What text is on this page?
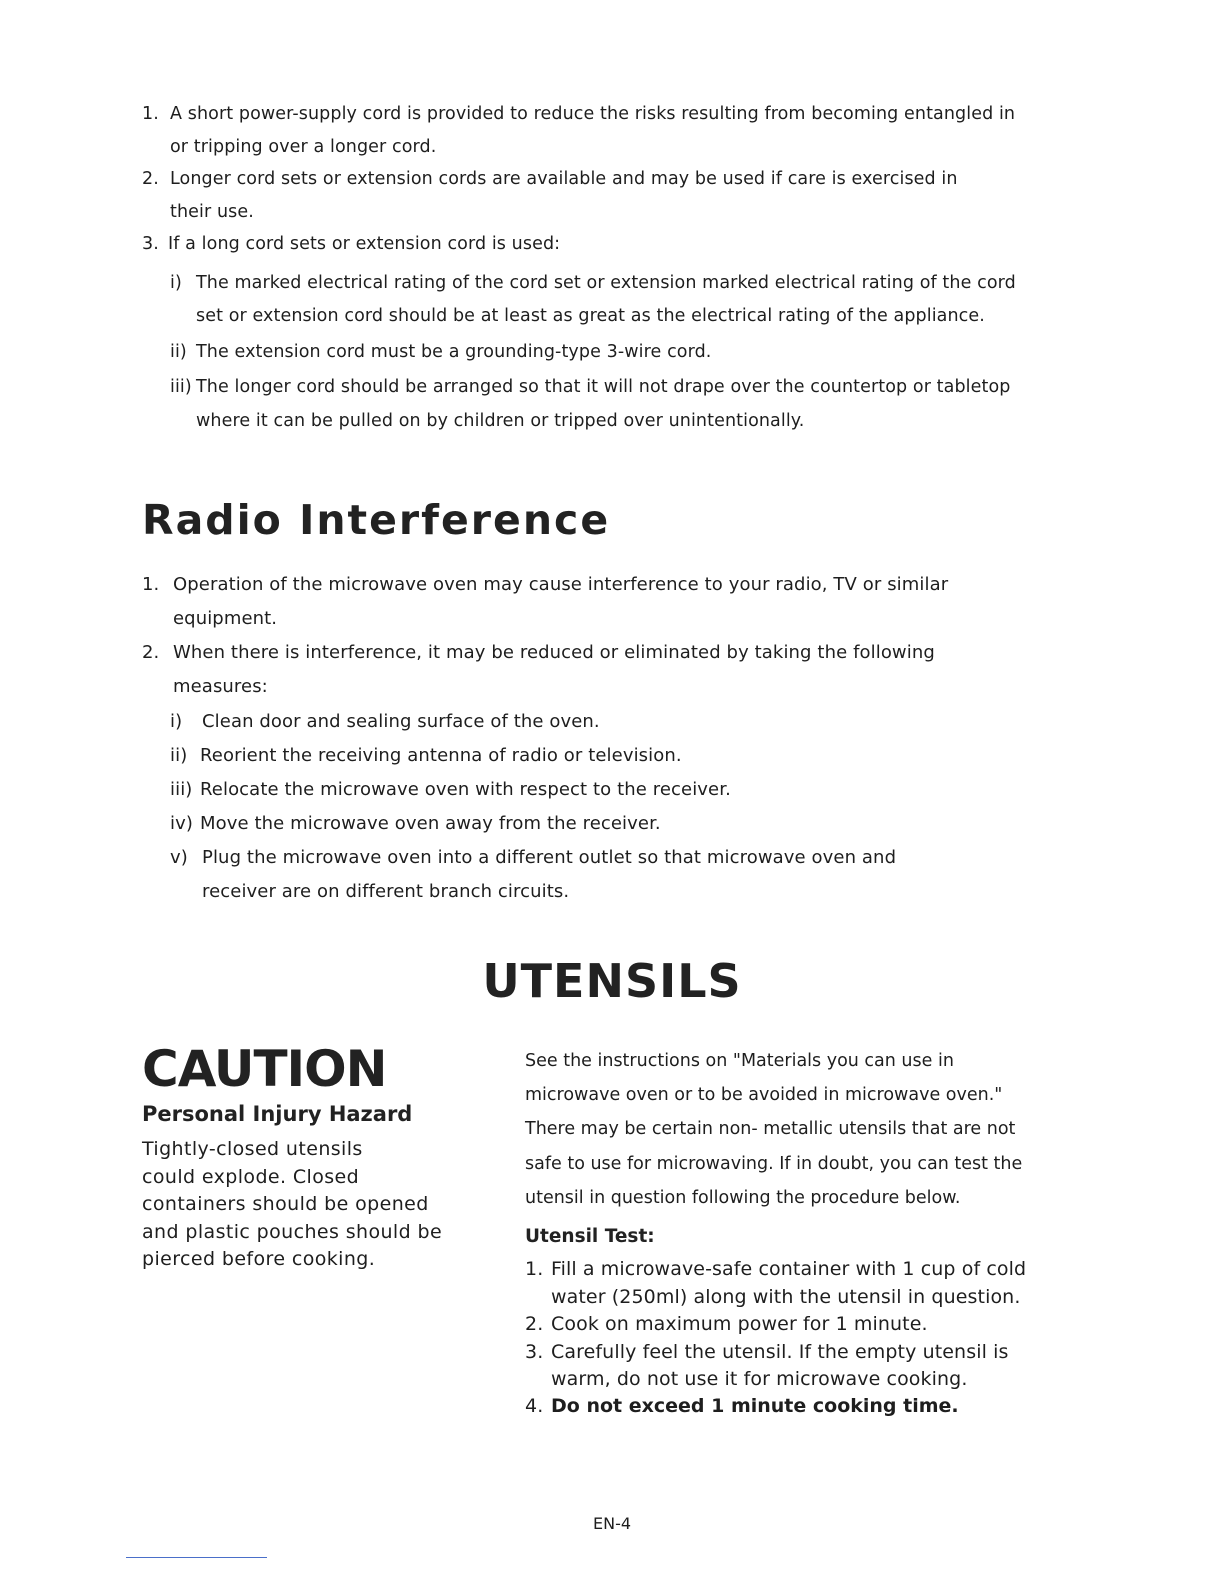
1. A short power-supply cord is provided to reduce the risks resulting from becoming entangled in
or tripping over a longer cord.
2. Longer cord sets or extension cords are available and may be used if care is exercised in
their use.
3. If a long cord sets or extension cord is used:
i) The marked electrical rating of the cord set or extension marked electrical rating of the cord
set or extension cord should be at least as great as the electrical rating of the appliance.
ii) The extension cord must be a grounding-type 3-wire cord.
iii) The longer cord should be arranged so that it will not drape over the countertop or tabletop
where it can be pulled on by children or tripped over unintentionally.
Radio Interference
1. Operation of the microwave oven may cause interference to your radio, TV or similar
equipment.
2. When there is interference, it may be reduced or eliminated by taking the following
measures:
i) Clean door and sealing surface of the oven.
ii) Reorient the receiving antenna of radio or television.
iii) Relocate the microwave oven with respect to the receiver.
iv) Move the microwave oven away from the receiver.
v) Plug the microwave oven into a different outlet so that microwave oven and
receiver are on different branch circuits.
UTENSILS
CAUTION
Personal Injury Hazard
Tightly-closed utensils
could explode. Closed
containers should be opened
and plastic pouches should be
pierced before cooking.
See the instructions on "Materials you can use in
microwave oven or to be avoided in microwave oven."
There may be certain non- metallic utensils that are not
safe to use for microwaving. If in doubt, you can test the
utensil in question following the procedure below.
Utensil Test:
1. Fill a microwave-safe container with 1 cup of cold
water (250ml) along with the utensil in question.
2. Cook on maximum power for 1 minute.
3. Carefully feel the utensil. If the empty utensil is
warm, do not use it for microwave cooking.
4. Do not exceed 1 minute cooking time.
EN-4
